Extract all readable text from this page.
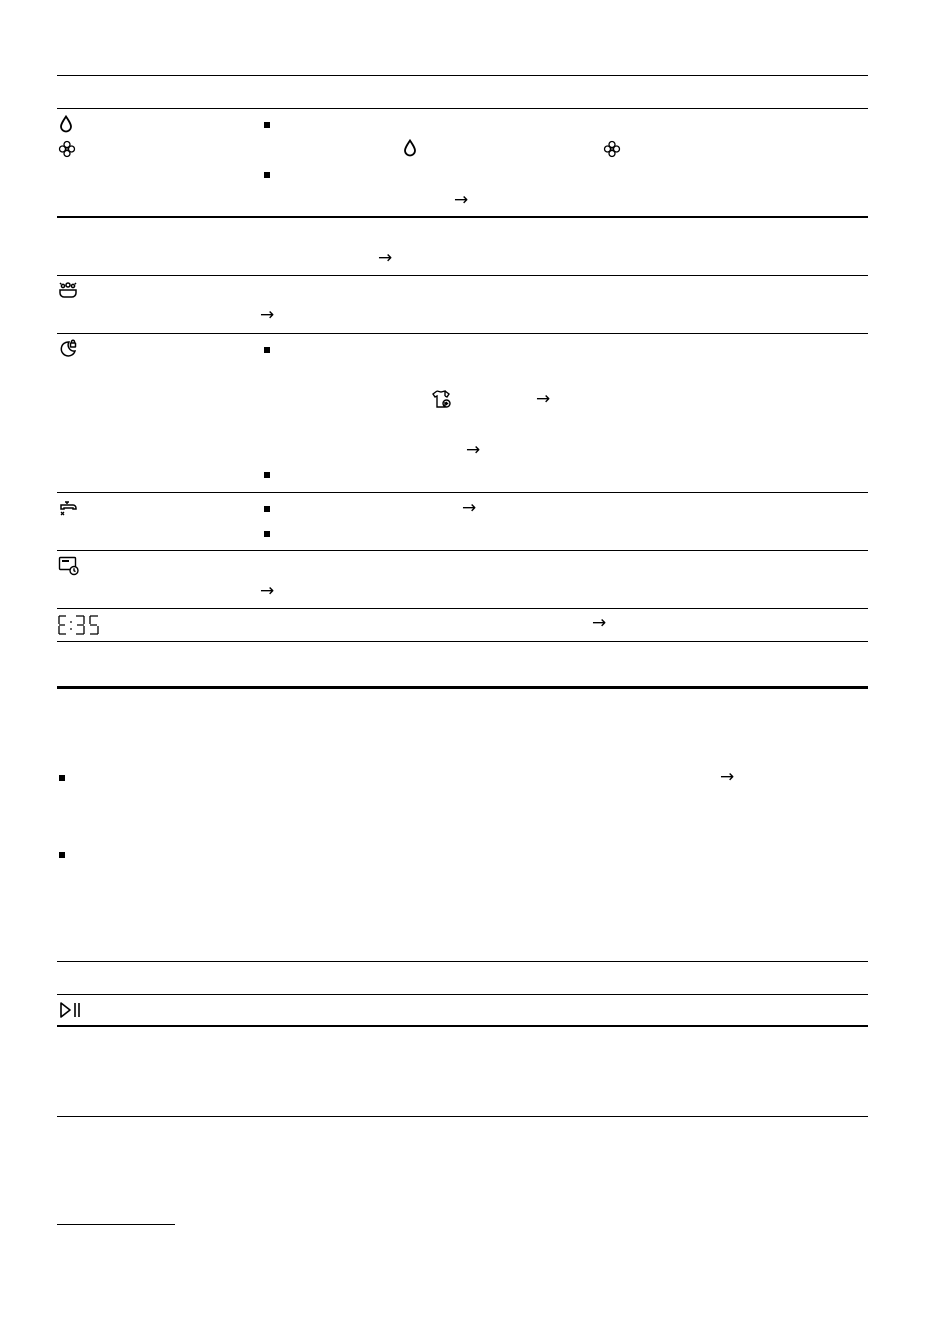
→
→
→
→
→
→
→
→
→
